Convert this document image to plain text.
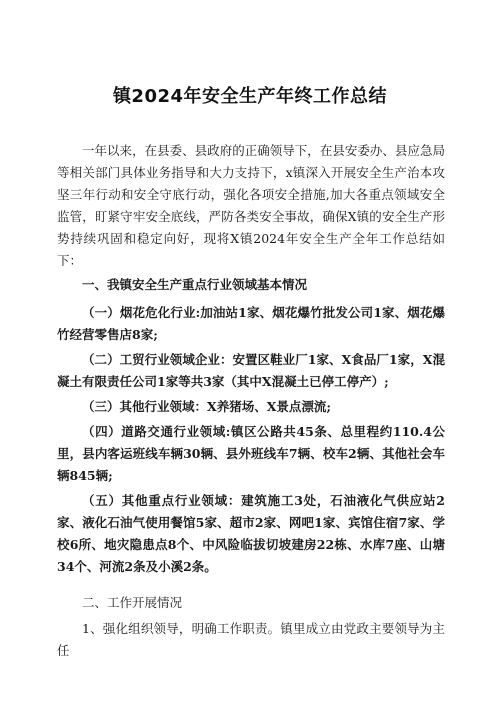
镇2024年安全生产年终工作总结

一年以来，在县委、县政府的正确领导下，在县安委办、县应急局等相关部门具体业务指导和大力支持下，x镇深入开展安全生产治本攻坚三年行动和安全守底行动，强化各项安全措施,加大各重点领域安全监管，盯紧守牢安全底线，严防各类安全事故，确保X镇的安全生产形势持续巩固和稳定向好，现将X镇2024年安全生产全年工作总结如下：

一、我镇安全生产重点行业领域基本情况

（一）烟花危化行业:加油站1家、烟花爆竹批发公司1家、烟花爆竹经营零售店8家;

（二）工贸行业领域企业：安置区鞋业厂1家、X食品厂1家，X混凝土有限责任公司1家等共3家（其中X混凝土已停工停产）;

（三）其他行业领域：X养猪场、X景点漂流;

（四）道路交通行业领域:镇区公路共45条、总里程约110.4公里，县内客运班线车辆30辆、县外班线车7辆、校车2辆、其他社会车辆845辆;

（五）其他重点行业领域：建筑施工3处，石油液化气供应站2家、液化石油气使用餐馆5家、超市2家、网吧1家、宾馆住宿7家、学校6所、地灾隐患点8个、中风险临拔切坡建房22栋、水库7座、山塘34个、河流2条及小溪2条。

二、工作开展情况

1、强化组织领导，明确工作职责。镇里成立由党政主要领导为主任
